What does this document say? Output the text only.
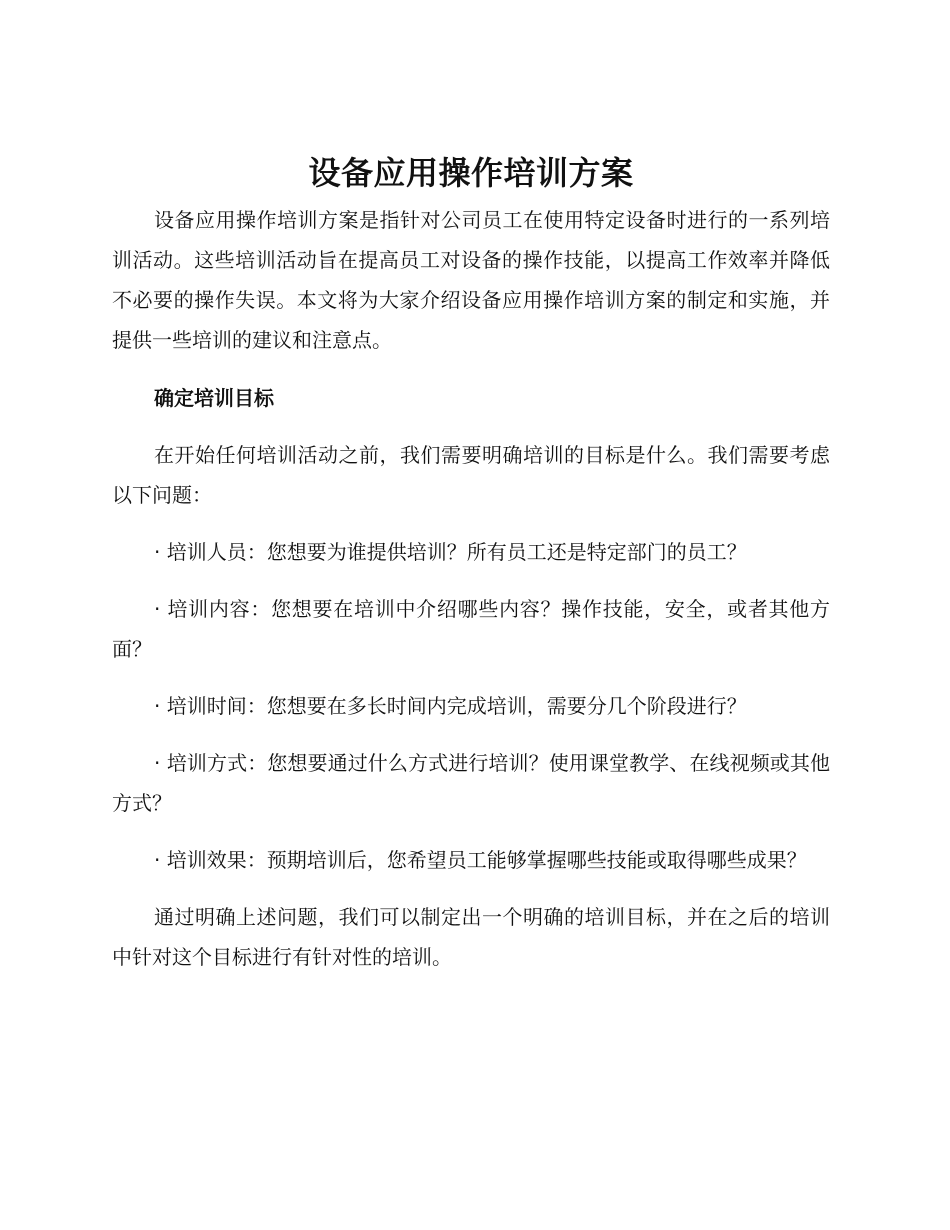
设备应用操作培训方案

设备应用操作培训方案是指针对公司员工在使用特定设备时进行的一系列培训活动。这些培训活动旨在提高员工对设备的操作技能，以提高工作效率并降低不必要的操作失误。本文将为大家介绍设备应用操作培训方案的制定和实施，并提供一些培训的建议和注意点。

确定培训目标

在开始任何培训活动之前，我们需要明确培训的目标是什么。我们需要考虑以下问题：

· 培训人员：您想要为谁提供培训？所有员工还是特定部门的员工？

· 培训内容：您想要在培训中介绍哪些内容？操作技能，安全，或者其他方面？

· 培训时间：您想要在多长时间内完成培训，需要分几个阶段进行？

· 培训方式：您想要通过什么方式进行培训？使用课堂教学、在线视频或其他方式？

· 培训效果：预期培训后，您希望员工能够掌握哪些技能或取得哪些成果？

通过明确上述问题，我们可以制定出一个明确的培训目标，并在之后的培训中针对这个目标进行有针对性的培训。
